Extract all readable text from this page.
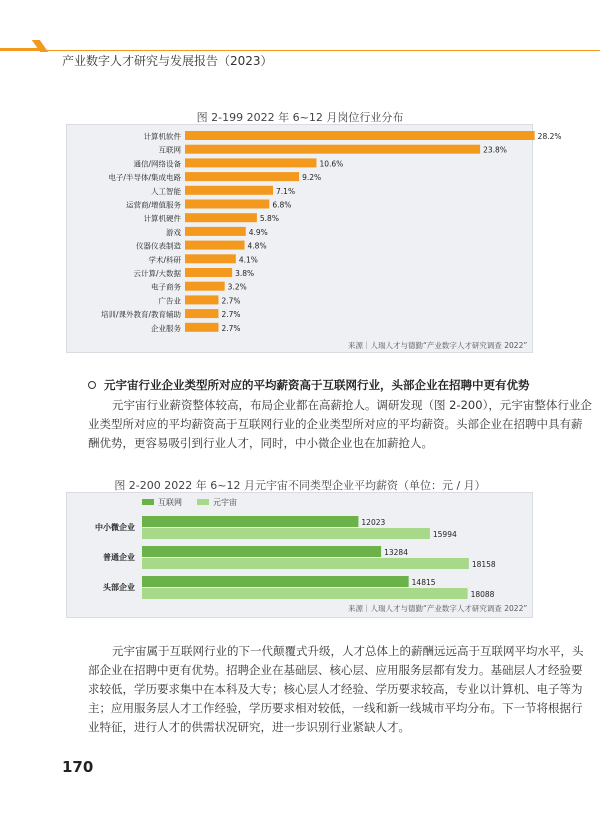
产业数字人才研究与发展报告（2023）
图 2-199 2022 年 6~12 月岗位行业分布
计算机软件	28.2%
互联网	23.8%
通信/网络设备	10.6%
电子/半导体/集成电路	9.2%
人工智能	7.1%
运营商/增值服务	6.8%
计算机硬件	5.8%
游戏	4.9%
仪器仪表制造	4.8%
学术/科研	4.1%
云计算/大数据	3.8%
电子商务	3.2%
广告业	2.7%
培训/课外教育/教育辅助	2.7%
企业服务	2.7%
来源｜人瑞人才与德勤“产业数字人才研究调查 2022”
元宇宙行业企业类型所对应的平均薪资高于互联网行业，头部企业在招聘中更有优势
元宇宙行业薪资整体较高，布局企业都在高薪抢人。调研发现（图 2-200），元宇宙整体行业企
业类型所对应的平均薪资高于互联网行业的企业类型所对应的平均薪资。头部企业在招聘中具有薪
酬优势，更容易吸引到行业人才，同时，中小微企业也在加薪抢人。
图 2-200 2022 年 6~12 月元宇宙不同类型企业平均薪资（单位：元 / 月）
互联网	元宇宙
中小微企业
12023
15994
普通企业
13284
18158
头部企业
14815
18088
来源｜人瑞人才与德勤“产业数字人才研究调查 2022”
元宇宙属于互联网行业的下一代颠覆式升级，人才总体上的薪酬远远高于互联网平均水平，头
部企业在招聘中更有优势。招聘企业在基础层、核心层、应用服务层都有发力。基础层人才经验要
求较低，学历要求集中在本科及大专；核心层人才经验、学历要求较高，专业以计算机、电子等为
主；应用服务层人才工作经验，学历要求相对较低，一线和新一线城市平均分布。下一节将根据行
业特征，进行人才的供需状况研究，进一步识别行业紧缺人才。
170
